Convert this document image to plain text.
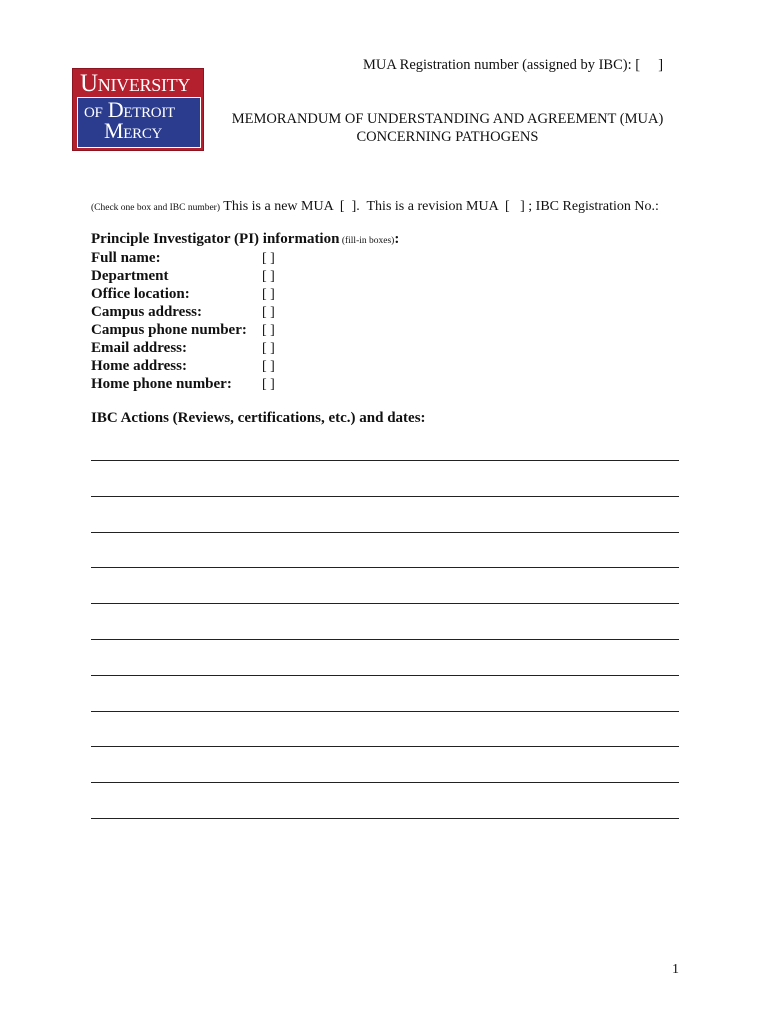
MUA Registration number (assigned by IBC): [     ]
University
of Detroit
Mercy	MEMORANDUM OF UNDERSTANDING AND AGREEMENT (MUA)
CONCERNING PATHOGENS
(Check one box and IBC number) This is a new MUA  [  ].  This is a revision MUA  [   ] ; IBC Registration No.:
Principle Investigator (PI) information (fill-in boxes):
Full name:	[ ]
Department	[ ]
Office location:	[ ]
Campus address:	[ ]
Campus phone number: [ ]
Email address:	[ ]
Home address:	[ ]
Home phone number: [ ]
IBC Actions (Reviews, certifications, etc.) and dates:
1
